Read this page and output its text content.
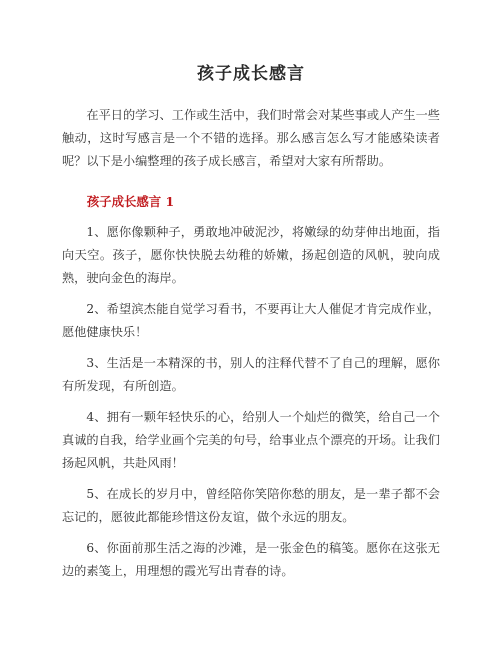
孩子成长感言

在平日的学习、工作或生活中，我们时常会对某些事或人产生一些触动，这时写感言是一个不错的选择。那么感言怎么写才能感染读者呢？以下是小编整理的孩子成长感言，希望对大家有所帮助。

孩子成长感言 1

1、愿你像颗种子，勇敢地冲破泥沙，将嫩绿的幼芽伸出地面，指向天空。孩子，愿你快快脱去幼稚的娇嫩，扬起创造的风帆，驶向成熟，驶向金色的海岸。

2、希望滨杰能自觉学习看书，不要再让大人催促才肯完成作业，愿他健康快乐！

3、生活是一本精深的书，别人的注释代替不了自己的理解，愿你有所发现，有所创造。

4、拥有一颗年轻快乐的心，给别人一个灿烂的微笑，给自己一个真诚的自我，给学业画个完美的句号，给事业点个漂亮的开场。让我们扬起风帆，共赴风雨！

5、在成长的岁月中，曾经陪你笑陪你愁的朋友，是一辈子都不会忘记的，愿彼此都能珍惜这份友谊，做个永远的朋友。

6、你面前那生活之海的沙滩，是一张金色的稿笺。愿你在这张无边的素笺上，用理想的霞光写出青春的诗。
